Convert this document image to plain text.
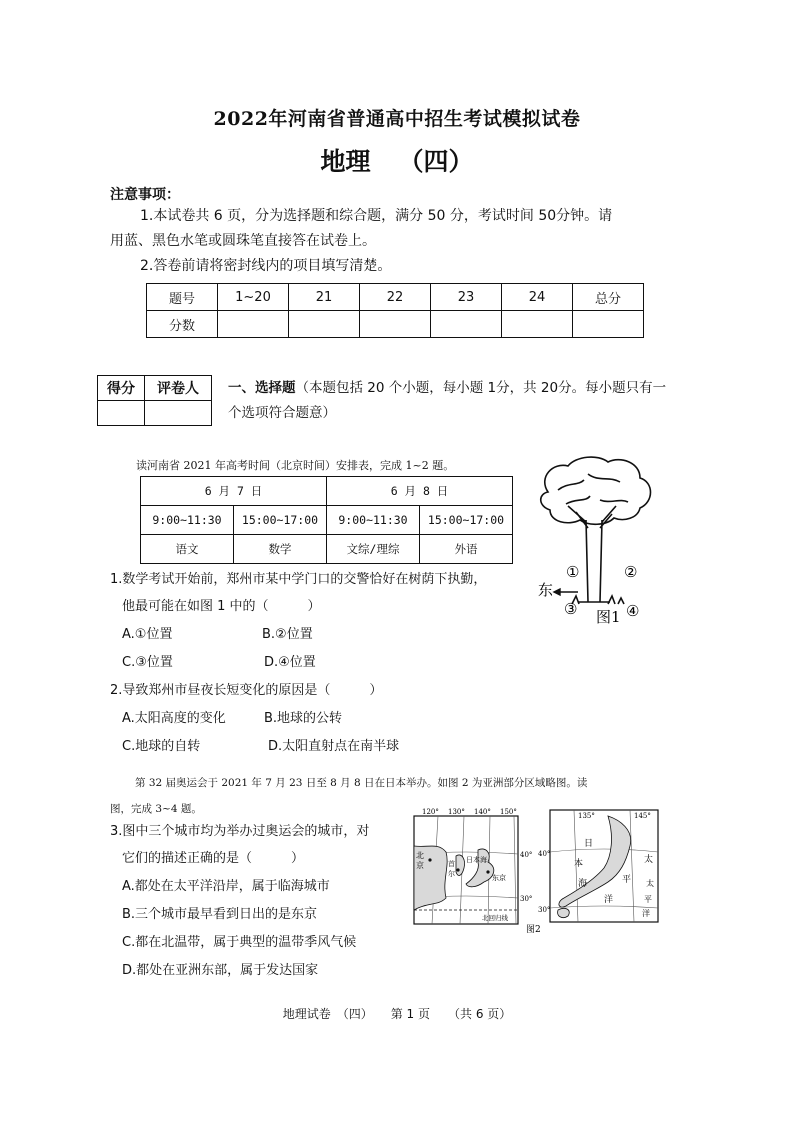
2022年河南省普通高中招生考试模拟试卷
地理 （四）
注意事项：
1.本试卷共 6 页，分为选择题和综合题，满分 50 分，考试时间 50分钟。请
用蓝、黑色水笔或圆珠笔直接答在试卷上。
2.答卷前请将密封线内的项目填写清楚。
题号	1~20	21	22	23	24	总分
分数						
得分	评卷人
	一、选择题（本题包括 20 个小题，每小题 1分，共 20分。每小题只有一
个选项符合题意）
读河南省 2021 年高考时间（北京时间）安排表，完成 1~2 题。
6 月 7 日		6 月 8 日	
9:00~11:30	15:00~17:00	9:00~11:30	15:00~17:00
语文	数学	文综/理综	外语
①	②
③	④
东
图1
1.数学考试开始前，郑州市某中学门口的交警恰好在树荫下执勤，
他最可能在如图 1 中的（　　　）
A.①位置	B.②位置
C.③位置	D.④位置
2.导致郑州市昼夜长短变化的原因是（　　　）
A.太阳高度的变化	B.地球的公转
C.地球的自转	D.太阳直射点在南半球
第 32 届奥运会于 2021 年 7 月 23 日至 8 月 8 日在日本举办。如图 2 为亚洲部分区域略图。读
图，完成 3~4 题。
3.图中三个城市均为举办过奥运会的城市，对
它们的描述正确的是（　　　）
A.都处在太平洋沿岸，属于临海城市
B.三个城市最早看到日出的是东京
C.都在北温带，属于典型的温带季风气候
D.都处在亚洲东部，属于发达国家
120° 130° 140° 150°
40°
30°
北
京	首
尔
日本海
东京
北回归线
135°	145°
40°
30°
日
本
海
太
平
洋
太
平
洋
图2
地理试卷　（四）　　第 1 页　　（共 6 页）
